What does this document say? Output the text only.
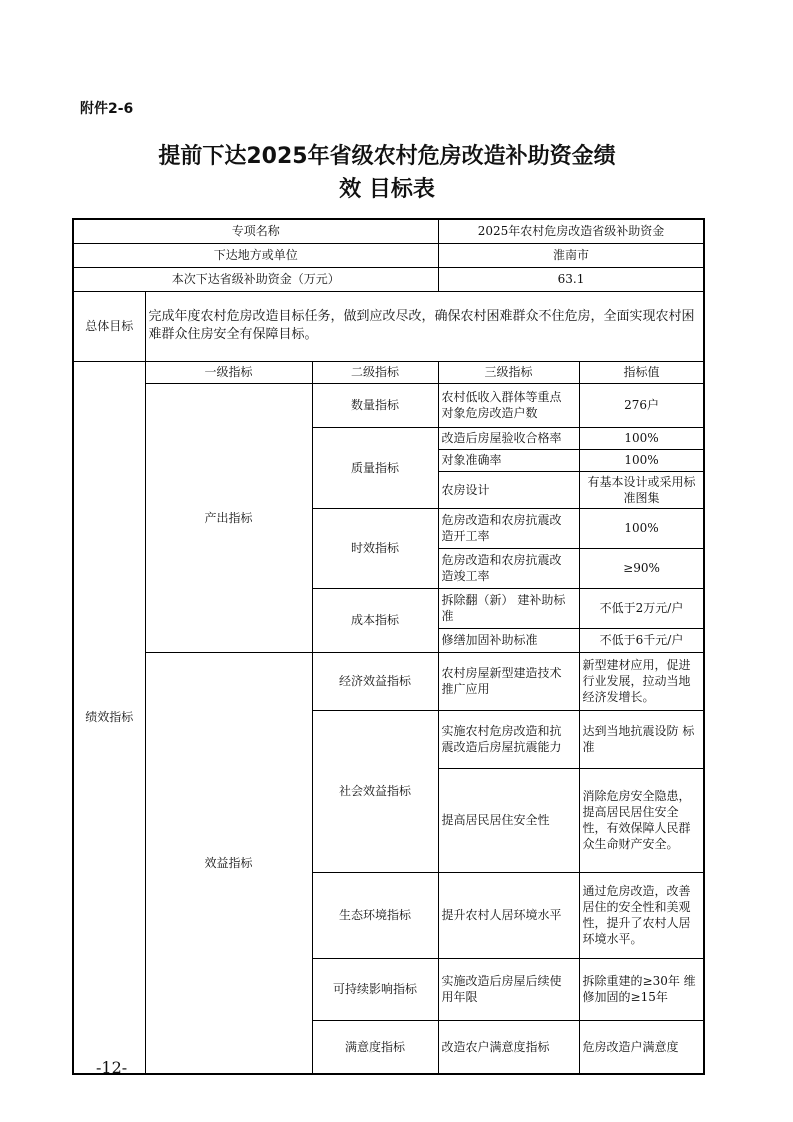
附件2-6
提前下达2025年省级农村危房改造补助资金绩
效 目标表
专项名称			2025年农村危房改造省级补助资金		
下达地方或单位			淮南市		
本次下达省级补助资金（万元）			63.1		
总体目标	完成年度农村危房改造目标任务，做到应改尽改，确保农村困难群众不住危房，全面实现农村困难群众住房安全有保障目标。				
绩效指标	一级指标	二级指标	三级指标	指标值	
	产出指标	数量指标	农村低收入群体等重点 对象危房改造户数	276户	
		质量指标	改造后房屋验收合格率	100%	
			对象准确率	100%	
			农房设计	有基本设计或采用标 准图集	
		时效指标	危房改造和农房抗震改 造开工率	100%	
			危房改造和农房抗震改 造竣工率	≥90%	
		成本指标	拆除翻（新） 建补助标准	不低于2万元/户	
			修缮加固补助标准	不低于6千元/户	
	效益指标	经济效益指标	农村房屋新型建造技术 推广应用	新型建材应用，促进行业发展，拉动当地经济发增长。	
		社会效益指标	实施农村危房改造和抗 震改造后房屋抗震能力	达到当地抗震设防 标 准	
			提高居民居住安全性	消除危房安全隐患，提高居民居住安全 性，有效保障人民群 众生命财产安全。	
		生态环境指标	提升农村人居环境水平	通过危房改造，改善居住的安全性和美观 性，提升了农村人居 环境水平。	
		可持续影响指标	实施改造后房屋后续使 用年限	拆除重建的≥30年 维修加固的≥15年	
		满意度指标	改造农户满意度指标	危房改造户满意度	
-12-
